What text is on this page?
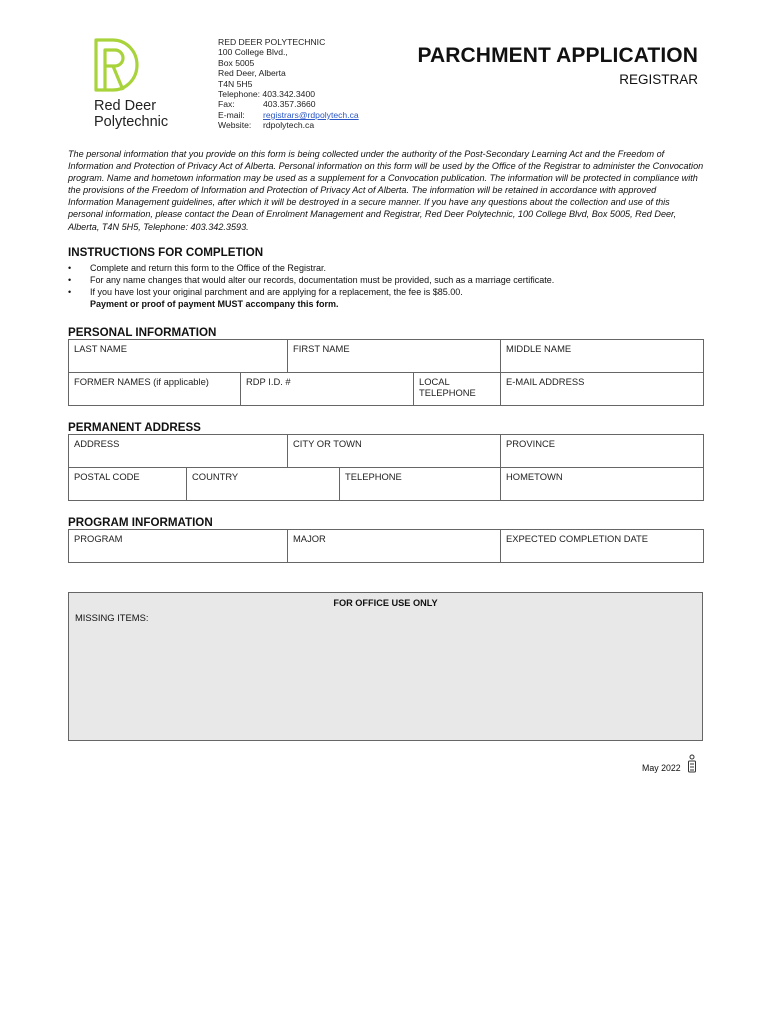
Red Deer
Polytechnic
RED DEER POLYTECHNIC
100 College Blvd.,
Box 5005
Red Deer, Alberta
T4N 5H5
Telephone: 403.342.3400
Fax:	403.357.3660
E-mail: registrars@rdpolytech.ca
Website: rdpolytech.ca
PARCHMENT APPLICATION
REGISTRAR
The personal information that you provide on this form is being collected under the authority of the Post-Secondary Learning Act and the Freedom of Information and Protection of Privacy Act of Alberta. Personal information on this form will be used by the Office of the Registrar to administer the Convocation program. Name and hometown information may be used as a supplement for a Convocation publication. The information will be protected in compliance with the provisions of the Freedom of Information and Protection of Privacy Act of Alberta. The information will be retained in accordance with approved Information Management guidelines, after which it will be destroyed in a secure manner. If you have any questions about the collection and use of this personal information, please contact the Dean of Enrolment Management and Registrar, Red Deer Polytechnic, 100 College Blvd, Box 5005, Red Deer, Alberta, T4N 5H5, Telephone: 403.342.3593.
INSTRUCTIONS FOR COMPLETION
• Complete and return this form to the Office of the Registrar.
• For any name changes that would alter our records, documentation must be provided, such as a marriage certificate.
• If you have lost your original parchment and are applying for a replacement, the fee is $85.00.
Payment or proof of payment MUST accompany this form.
PERSONAL INFORMATION
LAST NAME		FIRST NAME		MIDDLE NAME
FORMER NAMES (if applicable)	RDP I.D. #		LOCAL TELEPHONE	E-MAIL ADDRESS
PERMANENT ADDRESS
ADDRESS		CITY OR TOWN		PROVINCE
POSTAL CODE	COUNTRY		TELEPHONE	HOMETOWN
PROGRAM INFORMATION
PROGRAM	MAJOR	EXPECTED COMPLETION DATE
FOR OFFICE USE ONLY
MISSING ITEMS:
May 2022
